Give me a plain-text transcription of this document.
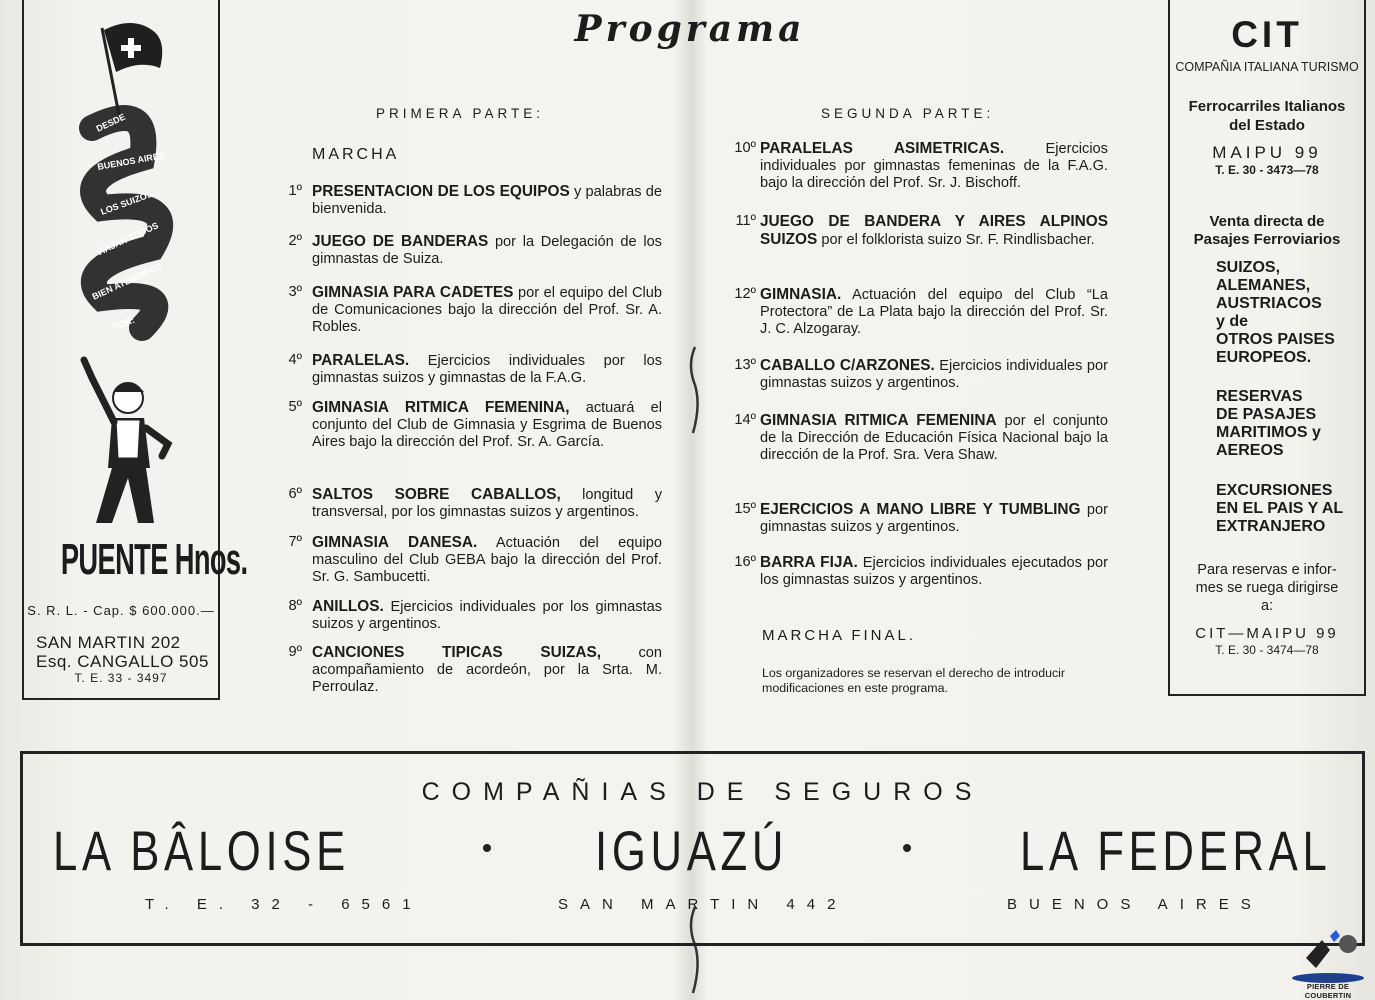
DESDE
BUENOS AIRES
LOS SUIZOS
VIAJAN TODOS
BIEN ATENDIDOS
POR:
PUENTE Hnos.
S. R. L. - Cap. $ 600.000.—
SAN MARTIN 202
Esq. CANGALLO 505
T. E. 33 - 3497
Programa
PRIMERA PARTE:	SEGUNDA PARTE:
MARCHA
1º PRESENTACION DE LOS EQUIPOS y palabras de bienvenida.
2º JUEGO DE BANDERAS por la Delegación de los gimnastas de Suiza.
3º GIMNASIA PARA CADETES por el equipo del Club de Comunicaciones bajo la dirección del Prof. Sr. A. Robles.
4º PARALELAS. Ejercicios individuales por los gimnastas suizos y gimnastas de la F.A.G.
5º GIMNASIA RITMICA FEMENINA, actuará el conjunto del Club de Gimnasia y Esgrima de Buenos Aires bajo la dirección del Prof. Sr. A. García.
6º SALTOS SOBRE CABALLOS, longitud y transversal, por los gimnastas suizos y argentinos.
7º GIMNASIA DANESA. Actuación del equipo masculino del Club GEBA bajo la dirección del Prof. Sr. G. Sambucetti.
8º ANILLOS. Ejercicios individuales por los gimnastas suizos y argentinos.
9º CANCIONES TIPICAS SUIZAS,	con acompañamiento de acordeón, por la Srta. M. Perroulaz.
10º PARALELAS ASIMETRICAS.	Ejercicios individuales por gimnastas femeninas de la F.A.G. bajo la dirección del Prof. Sr. J. Bischoff.
11º JUEGO DE BANDERA Y AIRES ALPINOS SUIZOS por el folklorista suizo Sr. F. Rindlisbacher.
12º GIMNASIA. Actuación del equipo del Club “La Protectora” de La Plata bajo la dirección del Prof. Sr. J. C. Alzogaray.
13º CABALLO C/ARZONES. Ejercicios individuales por gimnastas suizos y argentinos.
14º GIMNASIA RITMICA FEMENINA por el conjunto de la Dirección de Educación Física Nacional bajo la dirección de la Prof. Sra. Vera Shaw.
15º EJERCICIOS A MANO LIBRE Y TUMBLING por gimnastas suizos y argentinos.
16º BARRA FIJA. Ejercicios individuales ejecutados por los gimnastas suizos y argentinos.
MARCHA FINAL.
Los organizadores se reservan el derecho de introducir modificaciones en este programa.
CIT
COMPAÑIA ITALIANA TURISMO
Ferrocarriles Italianos
del Estado
MAIPU 99
T. E. 30 - 3473—78
Venta directa de
Pasajes Ferroviarios
SUIZOS,
ALEMANES,
AUSTRIACOS
y de
OTROS PAISES
EUROPEOS.
RESERVAS
DE PASAJES
MARITIMOS y
AEREOS
EXCURSIONES
EN EL PAIS Y AL
EXTRANJERO
Para reservas e infor-
mes se ruega dirigirse
a:
CIT—MAIPU 99
T. E. 30 - 3474—78
COMPAÑIAS DE SEGUROS
LA BÂLOISE	IGUAZÚ	LA FEDERAL
T. E. 32 - 6561	SAN MARTIN 442	BUENOS AIRES
PIERRE DE COUBERTIN
